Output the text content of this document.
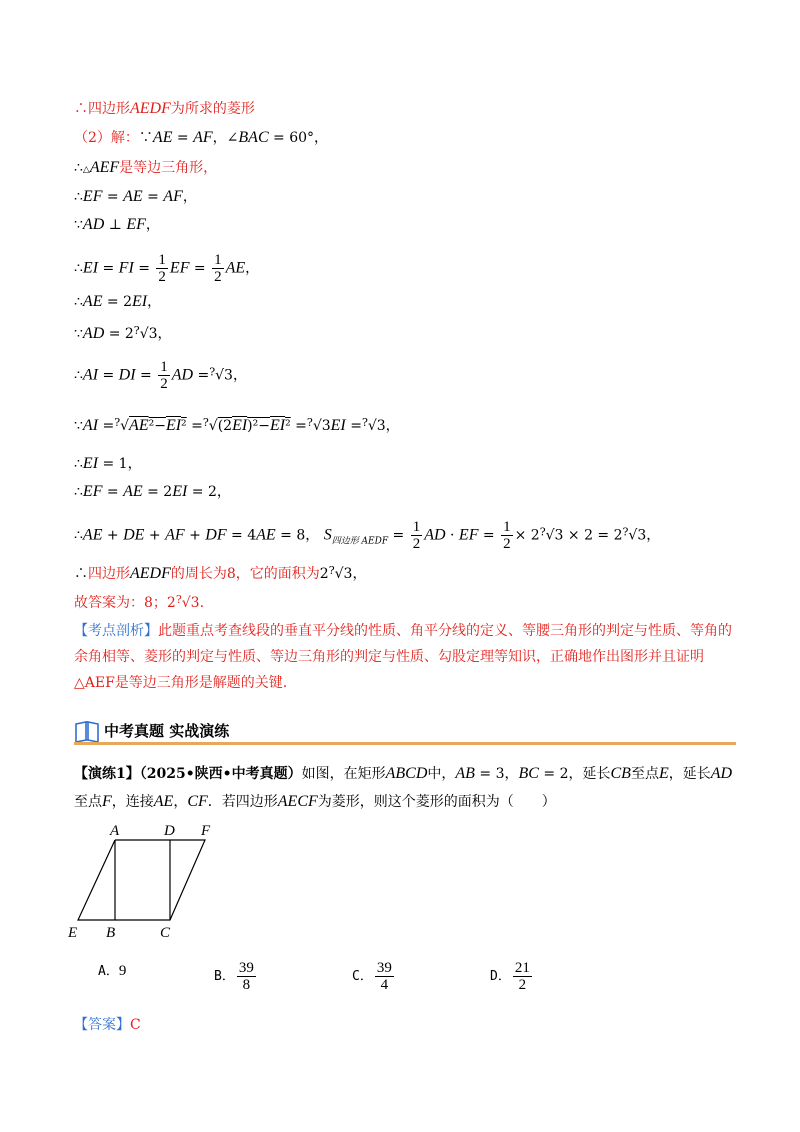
∴四边形AEDF为所求的菱形
（2）解：∵AE = AF，∠BAC = 60°，
∴△AEF是等边三角形，
∴EF = AE = AF，
∵AD ⊥ EF，
∴EI = FI = $\frac{1}{2}$ EF = $\frac{1}{2}$ AE，
∴AE = 2EI，
∵AD = 2?√3，
∴AI = DI = $\frac{1}{2}$ AD =?√3，
∵AI =?√AE²−EI² =?√(2EI)²−EI² =?√3EI =?√3，
∴EI = 1，
∴EF = AE = 2EI = 2，
∴AE + DE + AF + DF = 4AE = 8， $S_{四边形 AEDF} = \frac{1}{2}$ AD · EF = $\frac{1}{2} \times 2^?√3 \times 2 = 2^?√3$，
∴四边形AEDF的周长为8，它的面积为2?√3，
故答案为：8；2?√3.
【考点剖析】此题重点考查线段的垂直平分线的性质、角平分线的定义、等腰三角形的判定与性质、等角的余角相等、菱形的判定与性质、等边三角形的判定与性质、勾股定理等知识，正确地作出图形并且证明△AEF是等边三角形是解题的关键.
中考真题 实战演练
【演练1】（2025•陕西•中考真题）如图，在矩形ABCD中，AB = 3，BC = 2，延长CB至点E，延长AD至点F，连接AE，CF．若四边形AECF为菱形，则这个菱形的面积为（　　）
A	D F
E B	C
A．9	B． $\frac{39}{8}$	C． $\frac{39}{4}$	D． $\frac{21}{2}$
【答案】C
